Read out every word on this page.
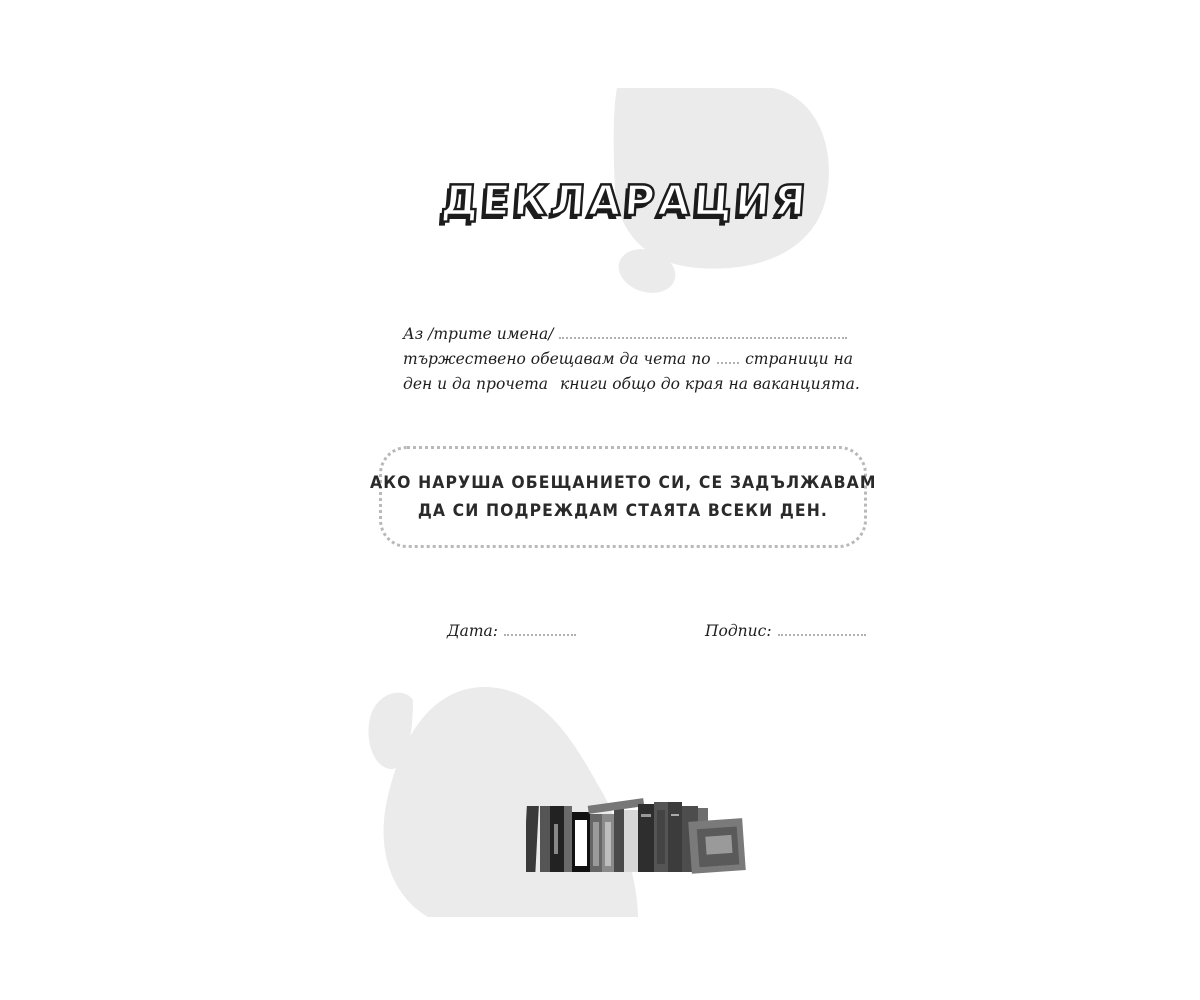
ДЕКЛАРАЦИЯ
Аз /трите имена/
тържествено обещавам да чета по страници на
ден и да прочета книги общо до края на ваканцията.
АКО НАРУША ОБЕЩАНИЕТО СИ, СЕ ЗАДЪЛЖАВАМ
ДА СИ ПОДРЕЖДАМ СТАЯТА ВСЕКИ ДЕН.
Дата:	Подпис:
